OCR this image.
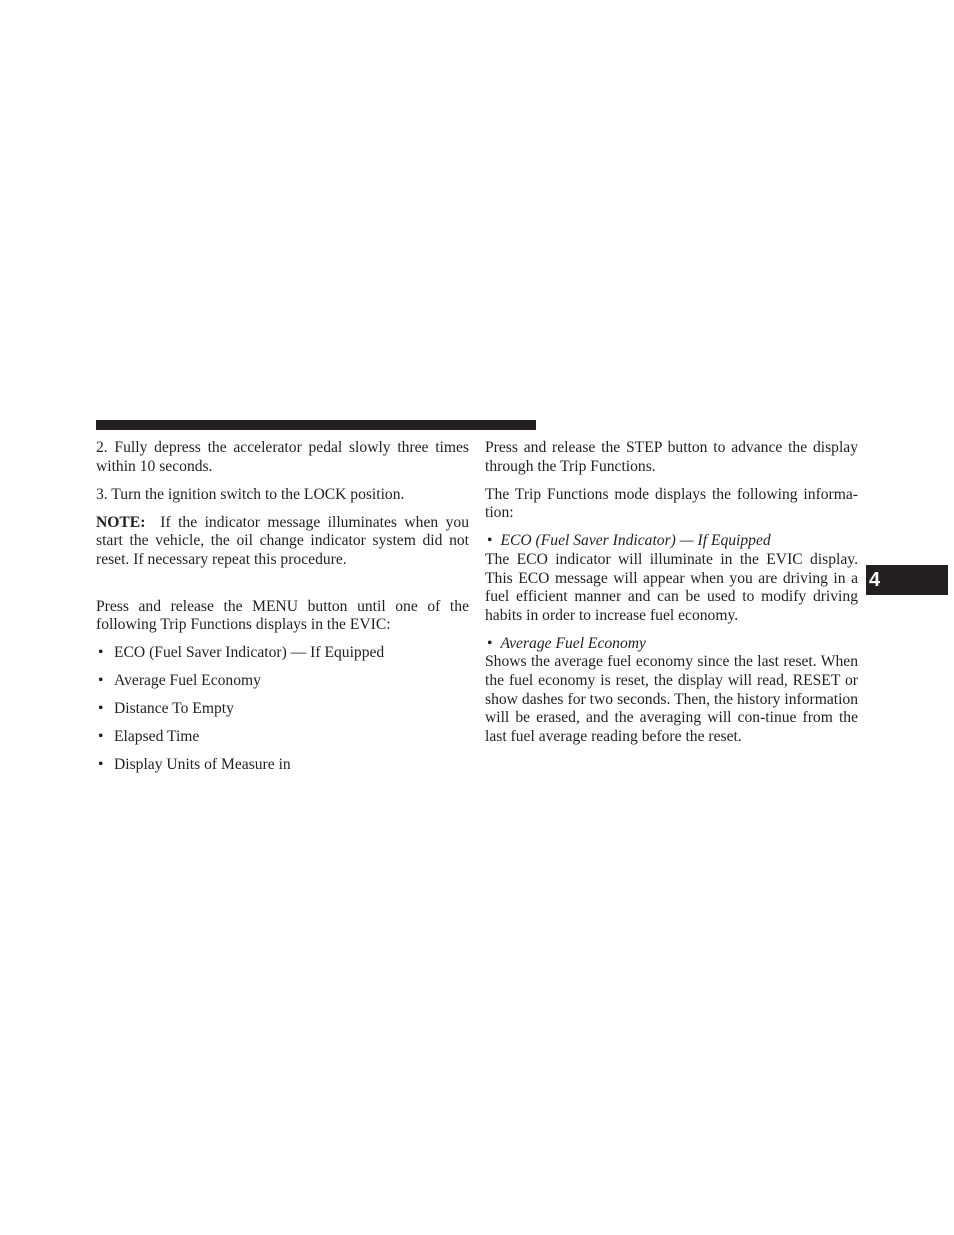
2. Fully depress the accelerator pedal slowly three times within 10 seconds.

3. Turn the ignition switch to the LOCK position.

NOTE: If the indicator message illuminates when you start the vehicle, the oil change indicator system did not reset. If necessary repeat this procedure.

Press and release the MENU button until one of the following Trip Functions displays in the EVIC:

• ECO (Fuel Saver Indicator) — If Equipped
• Average Fuel Economy
• Distance To Empty
• Elapsed Time
• Display Units of Measure in

Press and release the STEP button to advance the display through the Trip Functions.

The Trip Functions mode displays the following informa-tion:

• ECO (Fuel Saver Indicator) — If Equipped

The ECO indicator will illuminate in the EVIC display. This ECO message will appear when you are driving in a fuel efficient manner and can be used to modify driving habits in order to increase fuel economy.

• Average Fuel Economy

Shows the average fuel economy since the last reset. When the fuel economy is reset, the display will read, RESET or show dashes for two seconds. Then, the history information will be erased, and the averaging will con-tinue from the last fuel average reading before the reset.

4
